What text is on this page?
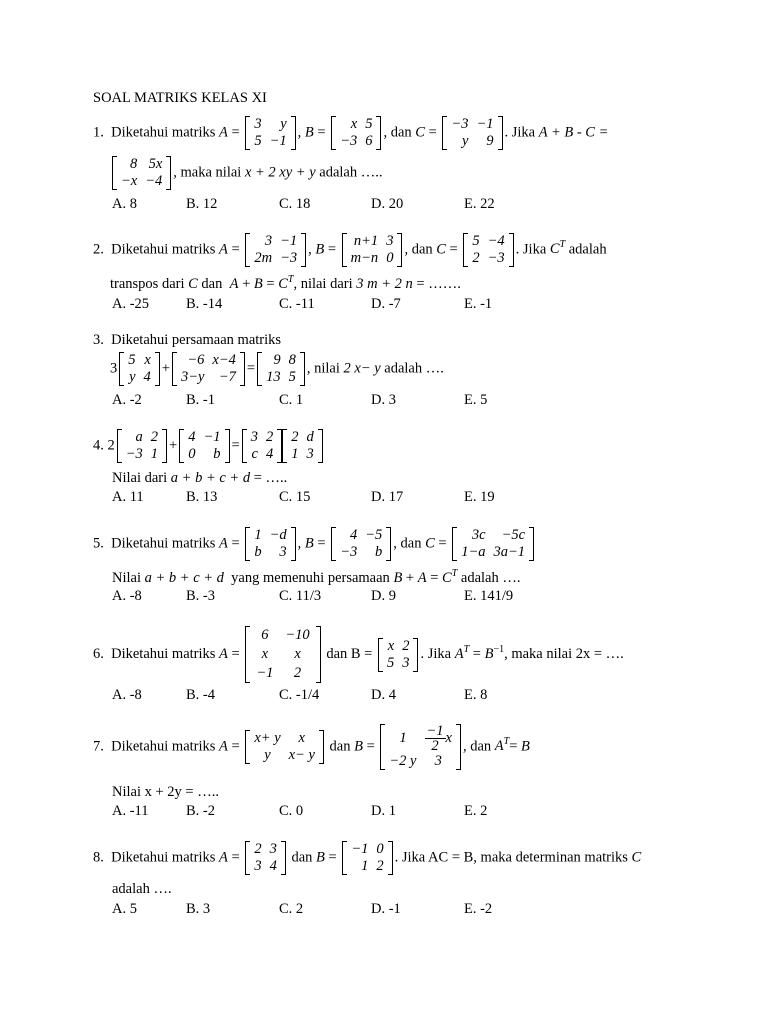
SOAL MATRIKS KELAS XI
1. Diketahui matriks A =
3	y
5	−1
, B =
x	5
−3	6
, dan C =
−3	−1
y	9
. Jika A + B - C =
8	5x
−x	−4
, maka nilai x + 2 xy + y adalah …..
A. 8	B. 12	C. 18	D. 20	E. 22
2. Diketahui matriks A =
3	−1
2m	−3
, B =
n+1	3
m−n	0
, dan C =
5	−4
2	−3
. Jika $C^T$ adalah
transpos dari C dan $A + B = C^T$, nilai dari 3 m + 2 n = …….
A. -25	B. -14	C. -11	D. -7	E. -1
3. Diketahui persamaan matriks
3
5	x
y	4
+
−6	x−4
3−y	−7
=
9	8
13	5
, nilai 2 x− y adalah ….
A. -2	B. -1	C. 1	D. 3	E. 5
4. 2
a	2
−3	1
+
4	−1
0	b
=
3	2
c	4
2	d
1	3
Nilai dari a + b + c + d = …..
A. 11	B. 13	C. 15	D. 17	E. 19
5. Diketahui matriks A =
1	−d
b	3
, B =
4	−5
−3	b
, dan C =
3c	−5c
1−a	3a−1
Nilai a + b + c + d yang memenuhi persamaan $B + A = C^T$ adalah ….
A. -8	B. -3	C. 11/3	D. 9	E. 141/9
6. Diketahui matriks A =
6	−10
x	x
−1	2
dan B =
x	2
5	3
. Jika $A^T = B^{-1}$, maka nilai 2x = ….
A. -8	B. -4	C. -1/4	D. 4	E. 8
7. Diketahui matriks A =
x+ y	x
y	x− y
dan B =
1	$\frac{-1}{2}$ x
−2 y	3
, dan $A^T= B$
Nilai x + 2y = …..
A. -11	B. -2	C. 0	D. 1	E. 2
8. Diketahui matriks A =
2	3
3	4
dan B =
−1	0
1	2
. Jika AC = B, maka determinan matriks C
adalah ….
A. 5	B. 3	C. 2	D. -1	E. -2
